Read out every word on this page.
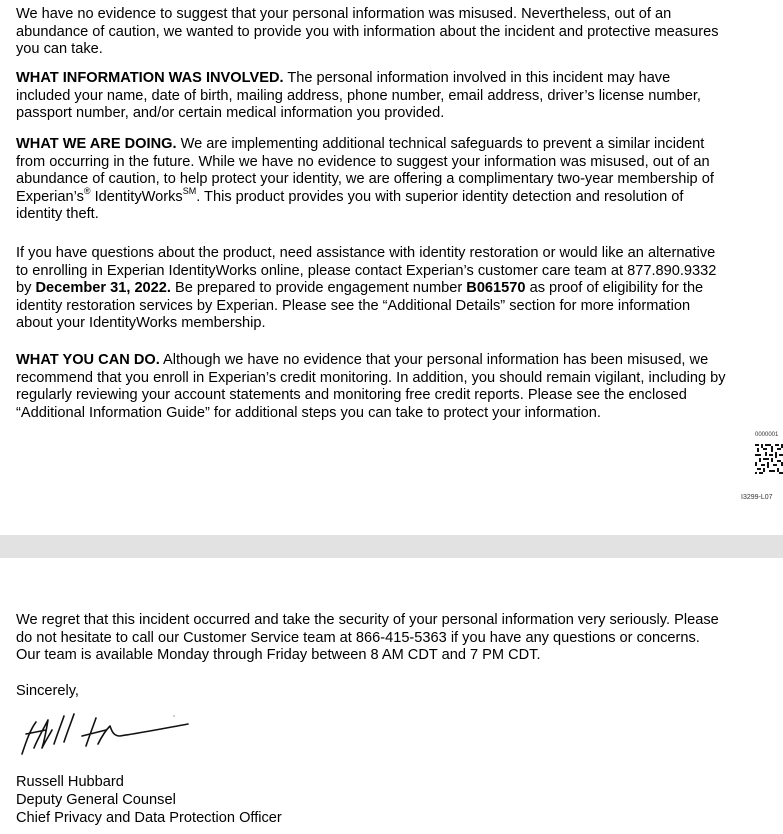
We have no evidence to suggest that your personal information was misused. Nevertheless, out of an abundance of caution, we wanted to provide you with information about the incident and protective measures you can take.

WHAT INFORMATION WAS INVOLVED. The personal information involved in this incident may have included your name, date of birth, mailing address, phone number, email address, driver’s license number, passport number, and/or certain medical information you provided.

WHAT WE ARE DOING. We are implementing additional technical safeguards to prevent a similar incident from occurring in the future. While we have no evidence to suggest your information was misused, out of an abundance of caution, to help protect your identity, we are offering a complimentary two-year membership of Experian’s® IdentityWorks℠. This product provides you with superior identity detection and resolution of identity theft.

If you have questions about the product, need assistance with identity restoration or would like an alternative to enrolling in Experian IdentityWorks online, please contact Experian’s customer care team at 877.890.9332 by December 31, 2022. Be prepared to provide engagement number B061570 as proof of eligibility for the identity restoration services by Experian. Please see the “Additional Details” section for more information about your IdentityWorks membership.

WHAT YOU CAN DO. Although we have no evidence that your personal information has been misused, we recommend that you enroll in Experian’s credit monitoring. In addition, you should remain vigilant, including by regularly reviewing your account statements and monitoring free credit reports. Please see the enclosed “Additional Information Guide” for additional steps you can take to protect your information.

0000001
I3299-L07

We regret that this incident occurred and take the security of your personal information very seriously. Please do not hesitate to call our Customer Service team at 866-415-5363 if you have any questions or concerns. Our team is available Monday through Friday between 8 AM CDT and 7 PM CDT.

Sincerely,
Russell Hubbard
Deputy General Counsel
Chief Privacy and Data Protection Officer
